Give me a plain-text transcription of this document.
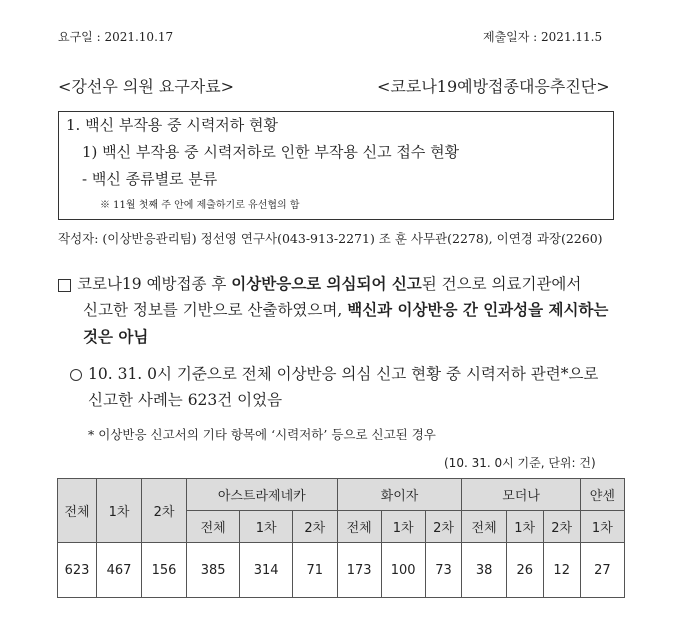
요구일 : 2021.10.17	제출일자 : 2021.11.5
<강선우 의원 요구자료>	<코로나19예방접종대응추진단>
1. 백신 부작용 중 시력저하 현황
1) 백신 부작용 중 시력저하로 인한 부작용 신고 접수 현황
- 백신 종류별로 분류
※ 11월 첫째 주 안에 제출하기로 유선협의 함
작성자: (이상반응관리팀) 정선영 연구사(043-913-2271) 조 훈 사무관(2278), 이연경 과장(2260)
코로나19 예방접종 후 이상반응으로 의심되어 신고된 건으로 의료기관에서
신고한 정보를 기반으로 산출하였으며, 백신과 이상반응 간 인과성을 제시하는
것은 아님
10. 31. 0시 기준으로 전체 이상반응 의심 신고 현황 중 시력저하 관련*으로
신고한 사례는 623건 이었음
* 이상반응 신고서의 기타 항목에 ‘시력저하’ 등으로 신고된 경우
(10. 31. 0시 기준, 단위: 건)
전체	1차	2차	아스트라제네카			화이자			모더나			얀센
			전체	1차	2차	전체	1차	2차	전체	1차	2차	1차
623	467	156	385	314	71	173	100	73	38	26	12	27
